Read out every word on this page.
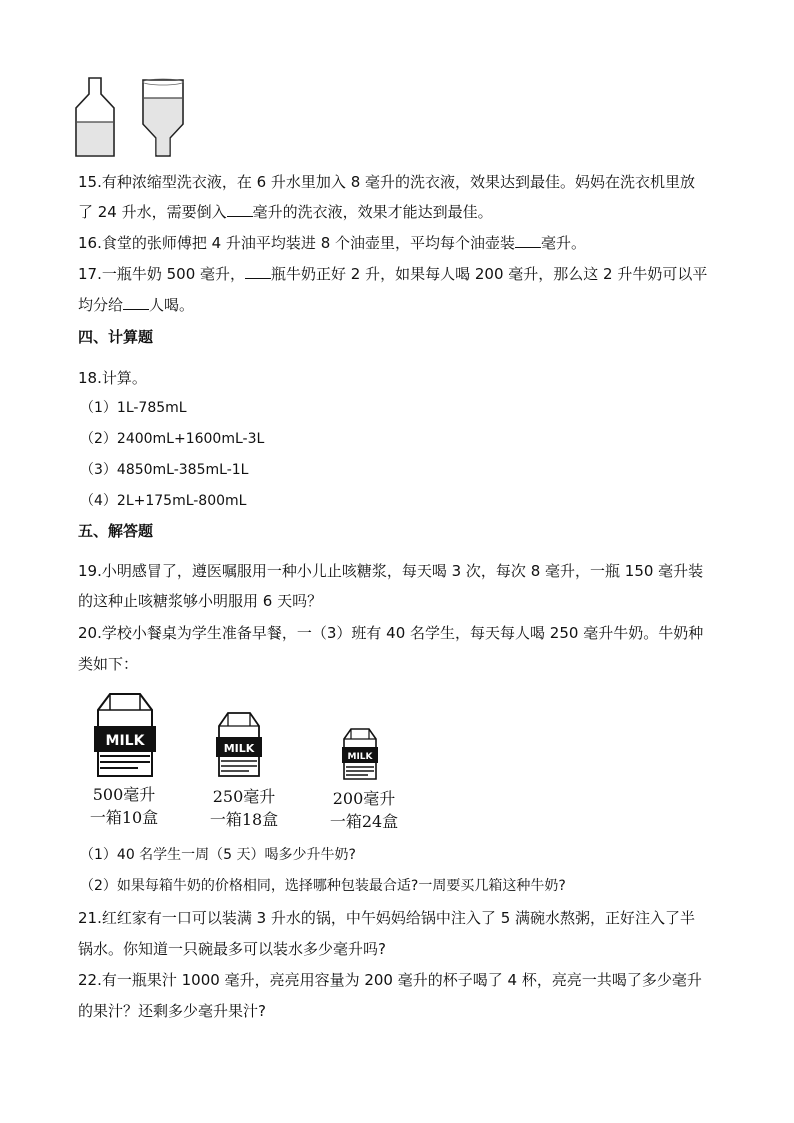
15.有种浓缩型洗衣液，在 6 升水里加入 8 毫升的洗衣液，效果达到最佳。妈妈在洗衣机里放
了 24 升水，需要倒入 毫升的洗衣液，效果才能达到最佳。
16.食堂的张师傅把 4 升油平均装进 8 个油壶里，平均每个油壶装 毫升。
17.一瓶牛奶 500 毫升， 瓶牛奶正好 2 升，如果每人喝 200 毫升，那么这 2 升牛奶可以平
均分给 人喝。
四、计算题
18.计算。
（1）1L-785mL
（2）2400mL+1600mL-3L
（3）4850mL-385mL-1L
（4）2L+175mL-800mL
五、解答题
19.小明感冒了，遵医嘱服用一种小儿止咳糖浆，每天喝 3 次，每次 8 毫升，一瓶 150 毫升装
的这种止咳糖浆够小明服用 6 天吗？
20.学校小餐桌为学生准备早餐，一（3）班有 40 名学生，每天每人喝 250 毫升牛奶。牛奶种
类如下：
MILK	MILK
MILK
500毫升
一箱10盒
250毫升
一箱18盒
200毫升
一箱24盒
（1）40 名学生一周（5 天）喝多少升牛奶?
（2）如果每箱牛奶的价格相同，选择哪种包装最合适?一周要买几箱这种牛奶?
21.红红家有一口可以装满 3 升水的锅，中午妈妈给锅中注入了 5 满碗水熬粥，正好注入了半
锅水。你知道一只碗最多可以装水多少毫升吗?
22.有一瓶果汁 1000 毫升，亮亮用容量为 200 毫升的杯子喝了 4 杯，亮亮一共喝了多少毫升
的果汁？还剩多少毫升果汁?
